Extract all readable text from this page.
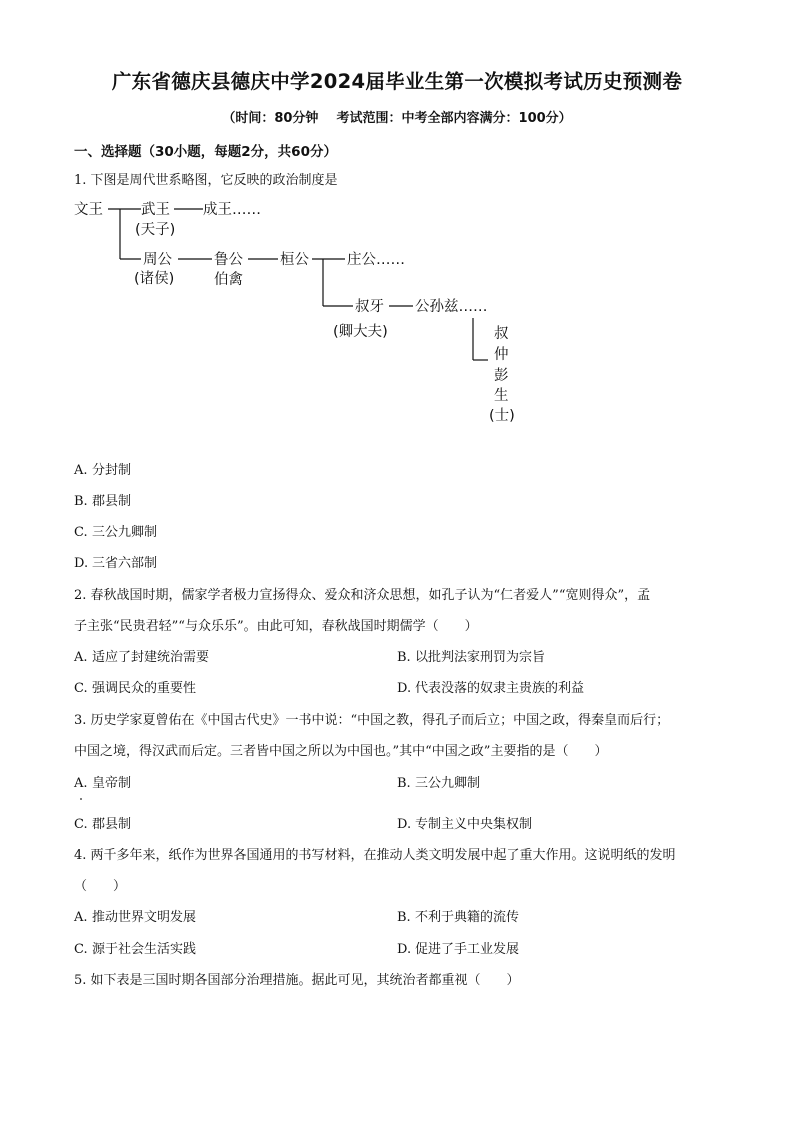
广东省德庆县德庆中学2024届毕业生第一次模拟考试历史预测卷
（时间：80分钟    考试范围：中考全部内容满分：100分）
一、选择题（30小题，每题2分，共60分）
1. 下图是周代世系略图，它反映的政治制度是
文王	武王 成王……
(天子)
周公	鲁公
伯禽
桓公	庄公……
(诸侯)
叔牙 公孙兹……
(卿大夫)	叔
仲
彭
生
(士)
A. 分封制
B. 郡县制
C. 三公九卿制
D. 三省六部制
2. 春秋战国时期，儒家学者极力宣扬得众、爱众和济众思想，如孔子认为“仁者爱人”“宽则得众”，孟
子主张“民贵君轻”“与众乐乐”。由此可知，春秋战国时期儒学（　　）
A. 适应了封建统治需要	B. 以批判法家刑罚为宗旨
C. 强调民众的重要性	D. 代表没落的奴隶主贵族的利益
3. 历史学家夏曾佑在《中国古代史》一书中说：“中国之教，得孔子而后立；中国之政，得秦皇而后行；
中国之境，得汉武而后定。三者皆中国之所以为中国也。”其中“中国之政”主要指的是（　　）
A. 皇帝制	B. 三公九卿制
C. 郡县制	D. 专制主义中央集权制
4. 两千多年来，纸作为世界各国通用的书写材料，在推动人类文明发展中起了重大作用。这说明纸的发明
（　　）
A. 推动世界文明发展	B. 不利于典籍的流传
C. 源于社会生活实践	D. 促进了手工业发展
5. 如下表是三国时期各国部分治理措施。据此可见，其统治者都重视（　　）
